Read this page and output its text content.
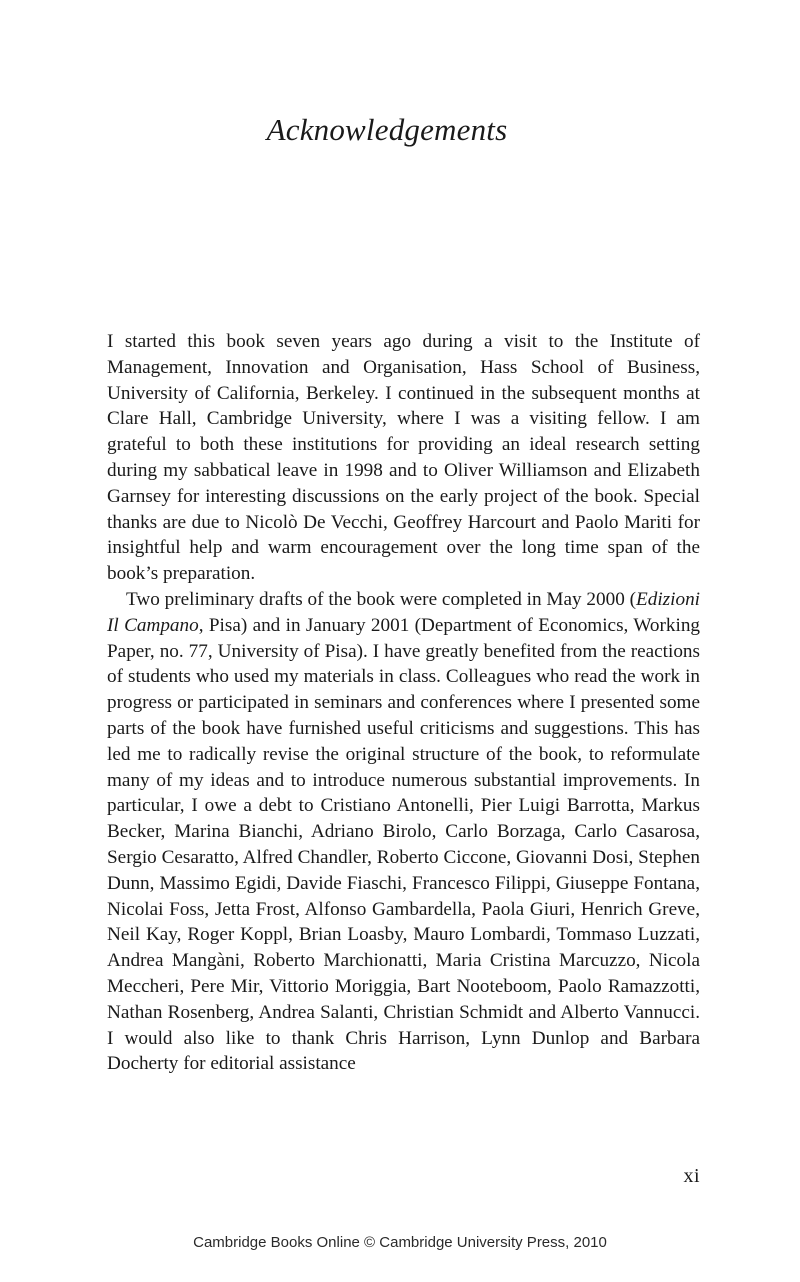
Acknowledgements

I started this book seven years ago during a visit to the Institute of Management, Innovation and Organisation, Hass School of Business, University of California, Berkeley. I continued in the subsequent months at Clare Hall, Cambridge University, where I was a visiting fellow. I am grateful to both these institutions for providing an ideal research setting during my sabbatical leave in 1998 and to Oliver Williamson and Elizabeth Garnsey for interesting discussions on the early project of the book. Special thanks are due to Nicolò De Vecchi, Geoffrey Harcourt and Paolo Mariti for insightful help and warm encouragement over the long time span of the book’s preparation.

Two preliminary drafts of the book were completed in May 2000 (Edizioni Il Campano, Pisa) and in January 2001 (Department of Economics, Working Paper, no. 77, University of Pisa). I have greatly benefited from the reactions of students who used my materials in class. Colleagues who read the work in progress or participated in seminars and conferences where I presented some parts of the book have furnished useful criticisms and suggestions. This has led me to radically revise the original structure of the book, to reformulate many of my ideas and to introduce numerous substantial improvements. In particular, I owe a debt to Cristiano Antonelli, Pier Luigi Barrotta, Markus Becker, Marina Bianchi, Adriano Birolo, Carlo Borzaga, Carlo Casarosa, Sergio Cesaratto, Alfred Chandler, Roberto Ciccone, Giovanni Dosi, Stephen Dunn, Massimo Egidi, Davide Fiaschi, Francesco Filippi, Giuseppe Fontana, Nicolai Foss, Jetta Frost, Alfonso Gambardella, Paola Giuri, Henrich Greve, Neil Kay, Roger Koppl, Brian Loasby, Mauro Lombardi, Tommaso Luzzati, Andrea Mangàni, Roberto Marchionatti, Maria Cristina Marcuzzo, Nicola Meccheri, Pere Mir, Vittorio Moriggia, Bart Nooteboom, Paolo Ramazzotti, Nathan Rosenberg, Andrea Salanti, Christian Schmidt and Alberto Vannucci. I would also like to thank Chris Harrison, Lynn Dunlop and Barbara Docherty for editorial assistance

xi
Cambridge Books Online © Cambridge University Press, 2010
